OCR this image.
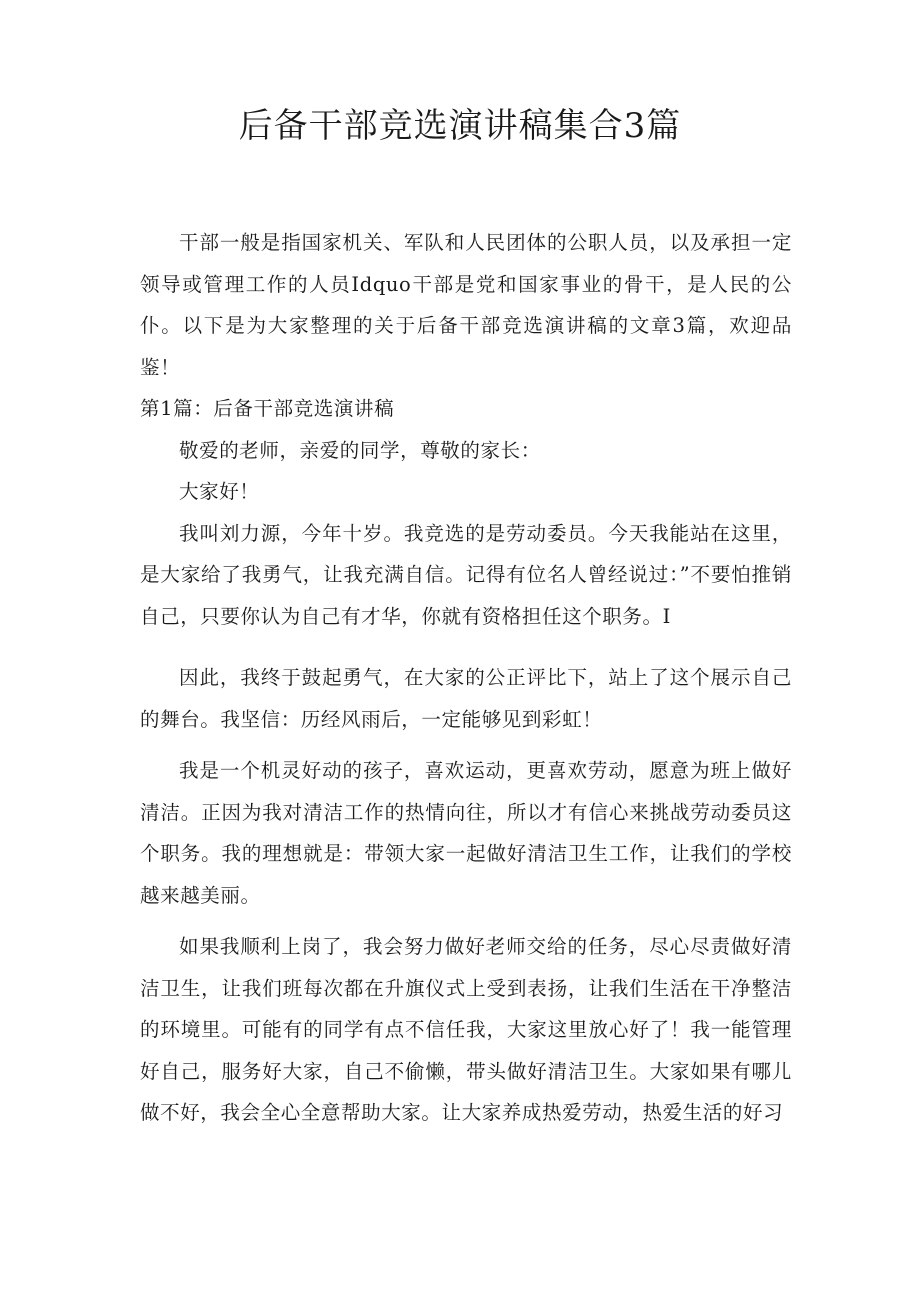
后备干部竞选演讲稿集合3篇

干部一般是指国家机关、军队和人民团体的公职人员，以及承担一定领导或管理工作的人员Idquo干部是党和国家事业的骨干，是人民的公仆。以下是为大家整理的关于后备干部竞选演讲稿的文章3篇，欢迎品鉴！

第1篇：后备干部竞选演讲稿

敬爱的老师，亲爱的同学，尊敬的家长：

大家好！

我叫刘力源，今年十岁。我竞选的是劳动委员。今天我能站在这里，是大家给了我勇气，让我充满自信。记得有位名人曾经说过：”不要怕推销自己，只要你认为自己有才华，你就有资格担任这个职务。I

因此，我终于鼓起勇气，在大家的公正评比下，站上了这个展示自己的舞台。我坚信：历经风雨后，一定能够见到彩虹！

我是一个机灵好动的孩子，喜欢运动，更喜欢劳动，愿意为班上做好清洁。正因为我对清洁工作的热情向往，所以才有信心来挑战劳动委员这个职务。我的理想就是：带领大家一起做好清洁卫生工作，让我们的学校越来越美丽。

如果我顺利上岗了，我会努力做好老师交给的任务，尽心尽责做好清洁卫生，让我们班每次都在升旗仪式上受到表扬，让我们生活在干净整洁的环境里。可能有的同学有点不信任我，大家这里放心好了！我一能管理好自己，服务好大家，自己不偷懒，带头做好清洁卫生。大家如果有哪儿做不好，我会全心全意帮助大家。让大家养成热爱劳动，热爱生活的好习
